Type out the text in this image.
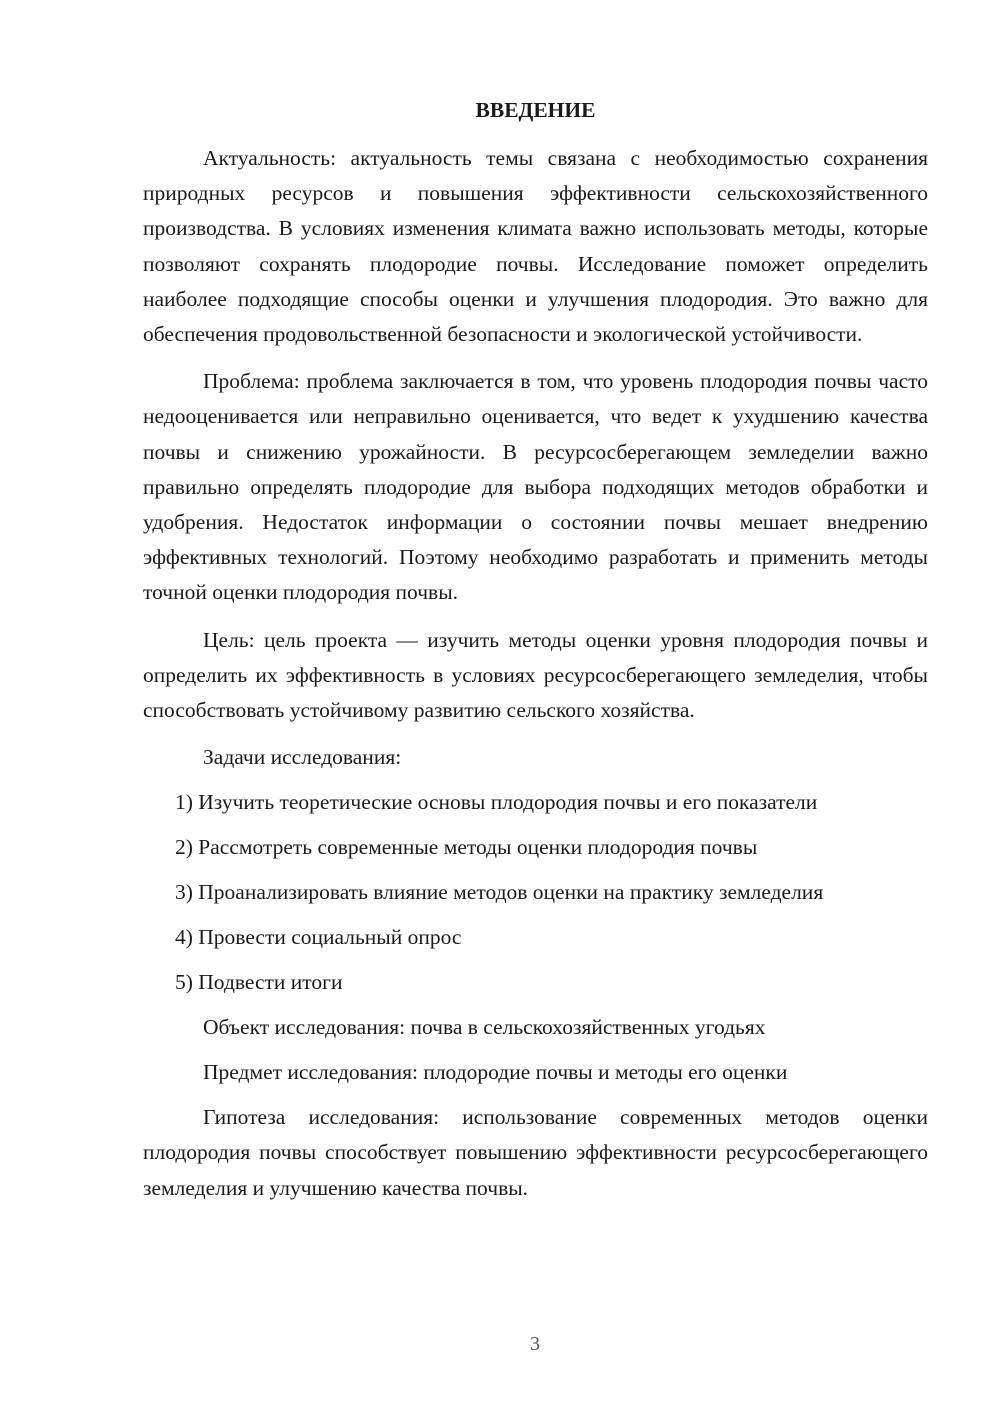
ВВЕДЕНИЕ

Актуальность: актуальность темы связана с необходимостью сохранения природных ресурсов и повышения эффективности сельскохозяйственного производства. В условиях изменения климата важно использовать методы, которые позволяют сохранять плодородие почвы. Исследование поможет определить наиболее подходящие способы оценки и улучшения плодородия. Это важно для обеспечения продовольственной безопасности и экологической устойчивости.

Проблема: проблема заключается в том, что уровень плодородия почвы часто недооценивается или неправильно оценивается, что ведет к ухудшению качества почвы и снижению урожайности. В ресурсосберегающем земледелии важно правильно определять плодородие для выбора подходящих методов обработки и удобрения. Недостаток информации о состоянии почвы мешает внедрению эффективных технологий. Поэтому необходимо разработать и применить методы точной оценки плодородия почвы.

Цель: цель проекта — изучить методы оценки уровня плодородия почвы и определить их эффективность в условиях ресурсосберегающего земледелия, чтобы способствовать устойчивому развитию сельского хозяйства.

Задачи исследования:

1) Изучить теоретические основы плодородия почвы и его показатели
2) Рассмотреть современные методы оценки плодородия почвы
3) Проанализировать влияние методов оценки на практику земледелия
4) Провести социальный опрос
5) Подвести итоги

Объект исследования: почва в сельскохозяйственных угодьях

Предмет исследования: плодородие почвы и методы его оценки

Гипотеза исследования: использование современных методов оценки плодородия почвы способствует повышению эффективности ресурсосберегающего земледелия и улучшению качества почвы.

3
